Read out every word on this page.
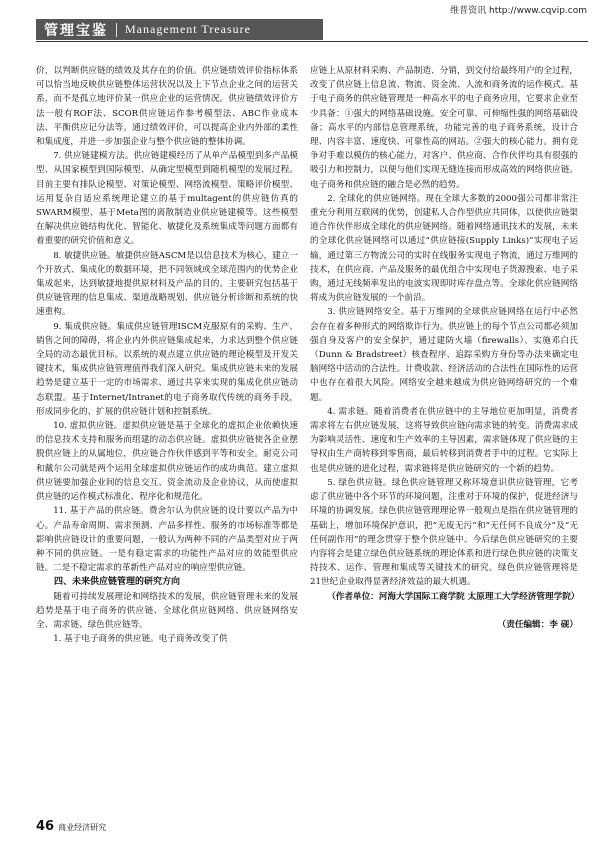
维普资讯 http://www.cqvip.com
管理宝鉴 Management Treasure

价，以判断供应链的绩效及其存在的价值。供应链绩效评价指标体系可以恰当地反映供应链整体运营状况以及上下节点企业之间的运营关系，而不是孤立地评价某一供应企业的运营情况。供应链绩效评价方法一般有ROF法、SCOR供应链运作参考模型法、ABC作业成本法、平衡供应记分法等。通过绩效评价，可以提高企业内外部的柔性和集成度，并进一步加强企业与整个供应链的整体协调。

7. 供应链建模方法。供应链建模经历了从单产品模型到多产品模型、从国家模型到国际模型、从确定型模型到随机模型的发展过程。目前主要有排队论模型、对策论模型、网络流模型、策略评价模型、运用复杂自适应系统理论建立的基于multagent的供应链仿真的SWARM模型、基于Meta图的离散制造业供应链建模等。这些模型在解决供应链结构优化、智能化、敏捷化及系统集成等问题方面都有着重要的研究价值和意义。

8. 敏捷供应链。敏捷供应链ASCM是以信息技术为核心，建立一个开放式、集成化的数据环境，把不同领域或全球范围内的优势企业集成起来，达到敏捷地提供原材料及产品的目的。主要研究包括基于供应链管理的信息集成、渠道战略规划、供应链分析诊断和系统的快速重构。

9. 集成供应链。集成供应链管理ISCM克服原有的采购、生产、销售之间的障碍，将企业内外供应链集成起来，力求达到整个供应链全局的动态最优目标。以系统的观点建立供应链的理论模型及开发关键技术，集成供应链管理值得我们深入研究。集成供应链未来的发展趋势是建立基于一定的市场需求、通过共享来实现的集成化供应链动态联盟。基于Internet/Intranet的电子商务取代传统的商务手段，形成同步化的、扩展的供应链计划和控制系统。

10. 虚拟供应链。虚拟供应链是基于全球化的虚拟企业依赖快速的信息技术支持和服务而组建的动态供应链。虚拟供应链使各企业摆脱供应链上的从属地位，供应链合作伙伴感到平等和安全。耐克公司和戴尔公司就是两个运用全球虚拟供应链运作的成功典范。建立虚拟供应链要加强企业间的信息交互、资金流动及企业协议，从而使虚拟供应链的运作模式标准化、程序化和规范化。

11. 基于产品的供应链。费舍尔认为供应链的设计要以产品为中心。产品寿命周期、需求预测、产品多样性、服务的市场标准等都是影响供应链设计的重要问题，一般认为两种不同的产品类型对应于两种不同的供应链。一是有稳定需求的功能性产品对应的效能型供应链。二是不稳定需求的革新性产品对应的响应型供应链。

四、未来供应链管理的研究方向

随着可持续发展理论和网络技术的发展，供应链管理未来的发展趋势是基于电子商务的供应链、全球化供应链网络、供应链网络安全、需求链、绿色供应链等。

1. 基于电子商务的供应链。电子商务改变了供

应链上从原材料采购、产品制造、分销，到交付给最终用户的全过程，改变了供应链上信息流、物流、资金流、人流和商务流的运作模式。基于电子商务的供应链管理是一种高水平的电子商务应用，它要求企业至少具备：①强大的网络基础设施。安全可靠、可伸缩性强的网络基础设备；高水平的内部信息管理系统，功能完善的电子商务系统，设计合理、内容丰富、速度快、可靠性高的网站。②强大的核心能力。拥有竞争对手难以模仿的核心能力，对客户、供应商、合作伙伴均具有很强的吸引力和控制力，以便与他们实现无缝连接而形成高效的网络供应链。电子商务和供应链的融合是必然的趋势。

2. 全球化的供应链网络。现在全球大多数的2000强公司都非常注重充分利用互联网的优势，创建私人合作型供应共同体，以使供应链渠道合作伙伴形成全球化的供应链网络。随着网络通讯技术的发展，未来的全球化供应链网络可以通过“供应链接(Supply Links)”实现电子运输，通过第三方物流公司的实时在线服务实现电子物流，通过万维网的技术，在供应商、产品及服务的最优组合中实现电子货源搜索、电子采购，通过无线频率发出的电波实现即时库存盘点等。全球化供应链网络将成为供应链发展的一个前沿。

3. 供应链网络安全。基于万维网的全球供应链网络在运行中必然会存在着多种形式的网络欺诈行为。供应链上的每个节点公司都必须加强自身及客户的安全保护，通过建防火墙（firewalls）、实施邓白氏（Dunn & Bradstreet）核查程序、追踪采购方身份等办法来确定电脑网络中活动的合法性。计费收款、经济活动的合法性在国际性的运营中也存在着很大风险。网络安全越来越成为供应链网络研究的一个难题。

4. 需求链。随着消费者在供应链中的主导地位更加明显，消费者需求将左右供应链发展，这将导致供应链向需求链的转变。消费需求成为影响灵活性、速度和生产效率的主导因素，需求链体现了供应链的主导权由生产商转移到零售商，最后转移到消费者手中的过程。它实际上也是供应链的进化过程，需求链将是供应链研究的一个新的趋势。

5. 绿色供应链。绿色供应链管理又称环境意识供应链管理，它考虑了供应链中各个环节的环境问题，注重对于环境的保护，促进经济与环境的协调发展。绿色供应链管理理论界一般观点是指在供应链管理的基础上，增加环境保护意识，把“无废无污”和“无任何不良成分”及“无任何副作用”的理念贯穿于整个供应链中。今后绿色供应链研究的主要内容将会是建立绿色供应链系统的理论体系和进行绿色供应链的决策支持技术、运作、管理和集成等关键技术的研究。绿色供应链管理将是21世纪企业取得显著经济效益的最大机遇。

（作者单位：河海大学国际工商学院 太原理工大学经济管理学院）

（责任编辑：李 砚）
46 商业经济研究
